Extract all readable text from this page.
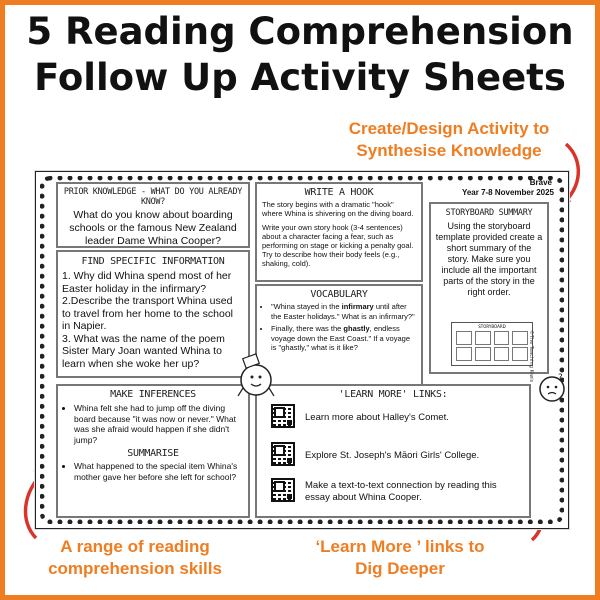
5 Reading Comprehension
Follow Up Activity Sheets
Create/Design Activity to Synthesise Knowledge
Brave
Year 7-8 November 2025
PRIOR KNOWLEDGE - WHAT DO YOU ALREADY KNOW?
What do you know about boarding schools or the famous New Zealand leader Dame Whina Cooper?
FIND SPECIFIC INFORMATION
1. Why did Whina spend most of her Easter holiday in the infirmary?
2.Describe the transport Whina used to travel from her home to the school in Napier.
3. What was the name of the poem Sister Mary Joan wanted Whina to learn when she woke her up?
WRITE A HOOK
The story begins with a dramatic "hook" where Whina is shivering on the diving board.
Write your own story hook (3-4 sentences) about a character facing a fear, such as performing on stage or kicking a penalty goal. Try to describe how their body feels (e.g., shaking, cold).
VOCABULARY
• "Whina stayed in the infirmary until after the Easter holidays." What is an infirmary?"
• Finally, there was the ghastly, endless voyage down the East Coast." If a voyage is "ghastly," what is it like?
STORYBOARD SUMMARY
Using the storyboard template provided create a short summary of the story. Make sure you include all the important parts of the story in the right order.
STORYBOARD
©The Teaching Kiwis
MAKE INFERENCES
• Whina felt she had to jump off the diving board because "it was now or never." What was she afraid would happen if she didn't jump?
SUMMARISE
• What happened to the special item Whina's mother gave her before she left for school?
'LEARN MORE' LINKS:
Learn more about Halley's Comet.
Explore St. Joseph's Māori Girls' College.
Make a text-to-text connection by reading this essay about Whina Cooper.
?
A range of reading comprehension skills
‘Learn More ’ links to Dig Deeper
